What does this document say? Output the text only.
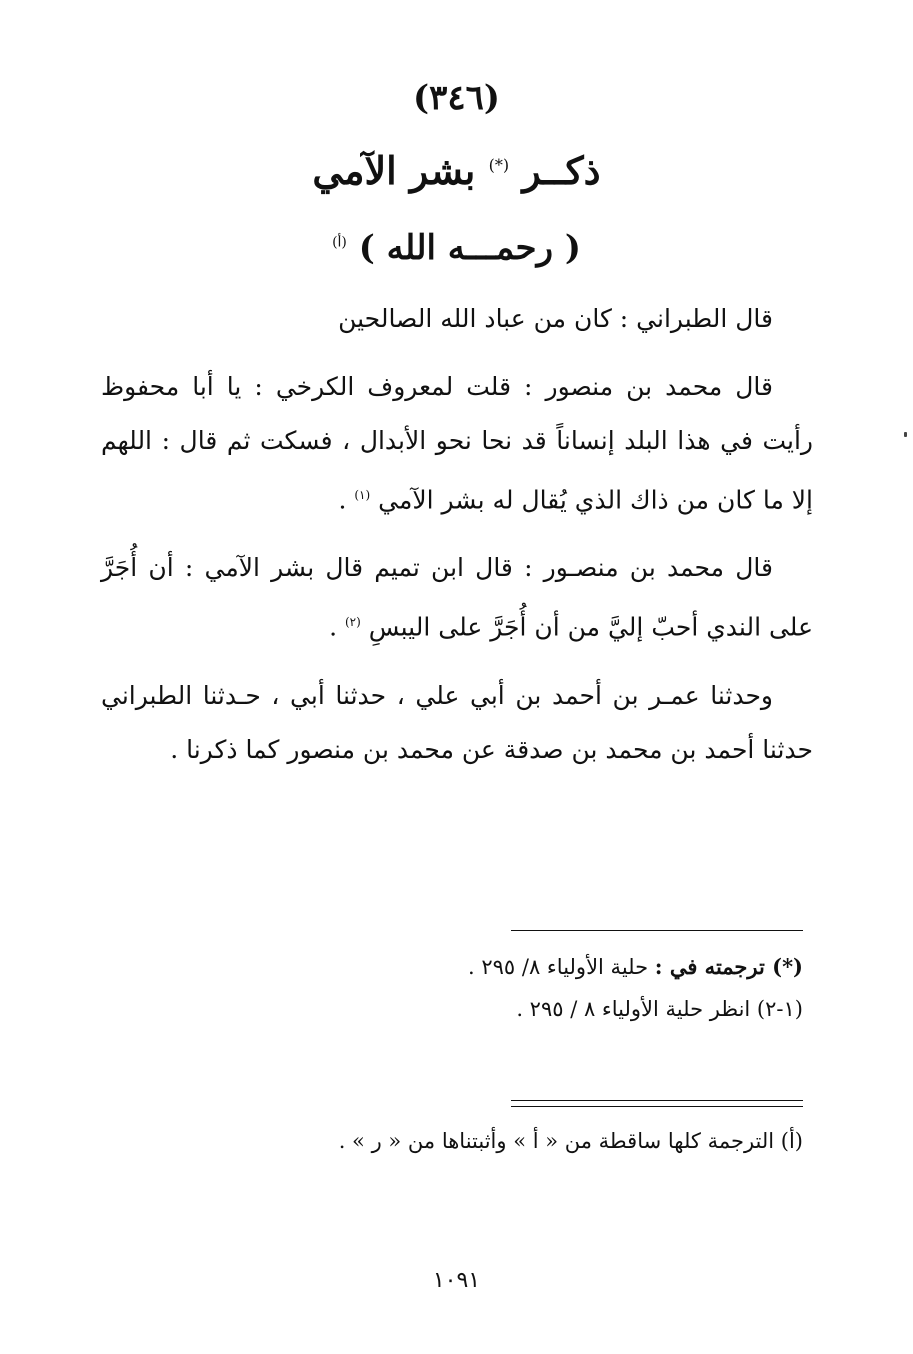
(٣٤٦)
ذكــر (*) بشر الآمي
( رحمـــه الله ) $^{(أ)}$

قال الطبراني : كان من عباد الله الصالحين

قال محمد بن منصور : قلت لمعروف الكرخي : يا أبا محفوظ رأيت في هذا البلد إنساناً قد نحا نحو الأبدال ، فسكت ثم قال : اللهم إلا ما كان من ذاك الذي يُقال له بشر الآمي $^{(١)}$ .

قال محمد بن منصـور : قال ابن تميم قال بشر الآمي : أن أُجَرَّ على الندي أحبّ إليَّ من أن أُجَرَّ على اليبسِ $^{(٢)}$ .

وحدثنا عمـر بن أحمد بن أبي علي ، حدثنا أبي ، حـدثنا الطبراني حدثنا أحمد بن محمد بن صدقة عن محمد بن منصور كما ذكرنا .

(*) ترجمته في : حلية الأولياء ٨/ ٢٩٥ .
(١-٢) انظر حلية الأولياء ٨ / ٢٩٥ .
(أ) الترجمة كلها ساقطة من « أ » وأثبتناها من « ر » .
١٠٩١
